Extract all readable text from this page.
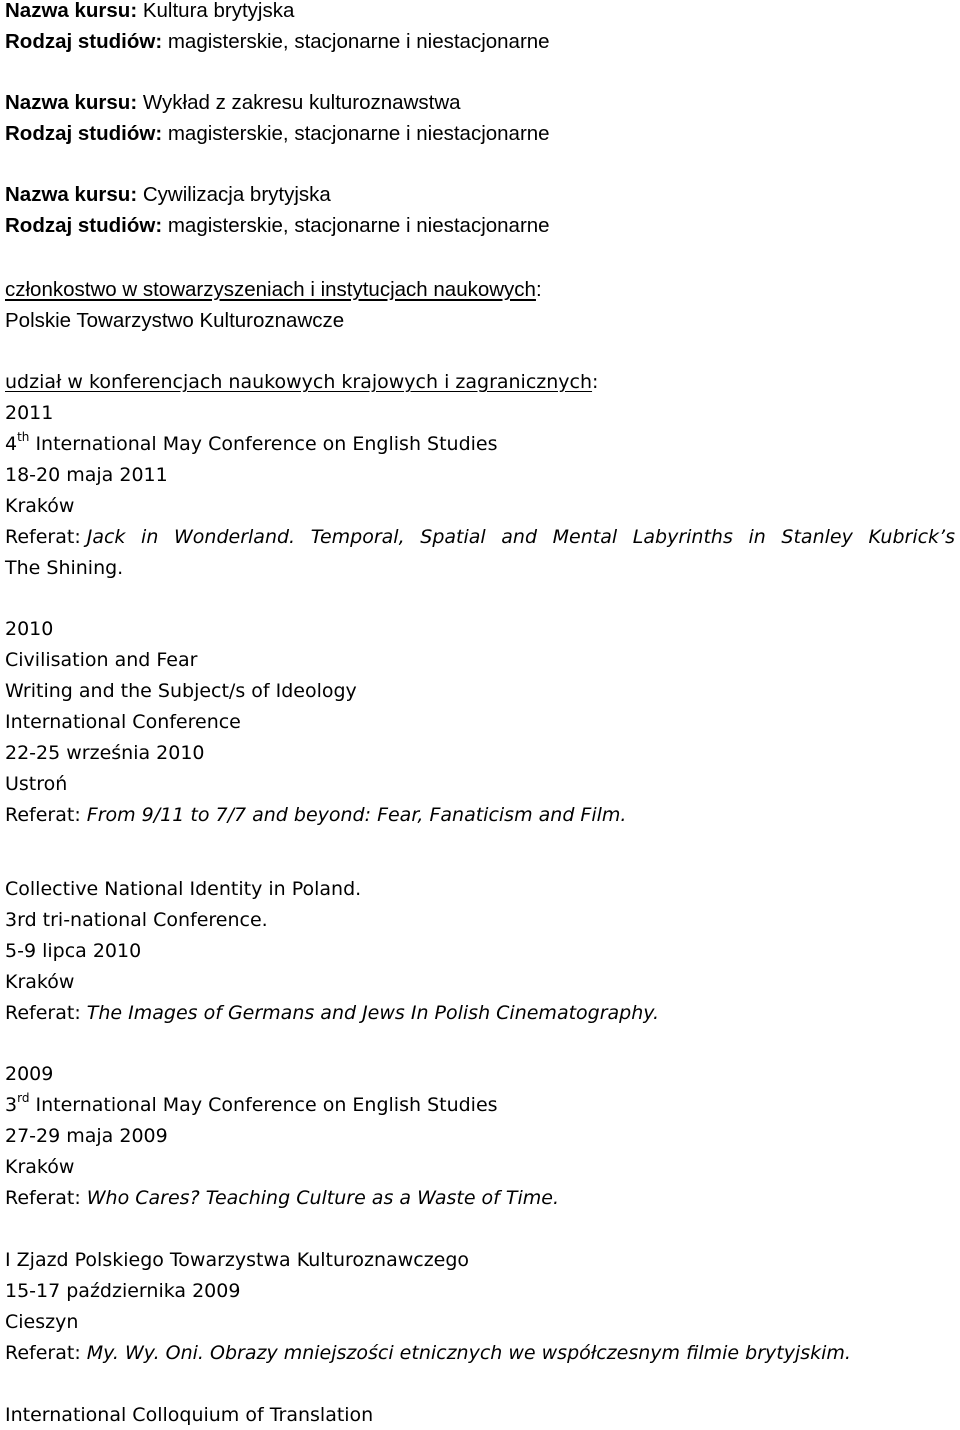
Nazwa kursu: Kultura brytyjska
Rodzaj studiów: magisterskie, stacjonarne i niestacjonarne
Nazwa kursu: Wykład z zakresu kulturoznawstwa
Rodzaj studiów: magisterskie, stacjonarne i niestacjonarne
Nazwa kursu: Cywilizacja brytyjska
Rodzaj studiów: magisterskie, stacjonarne i niestacjonarne
członkostwo w stowarzyszeniach i instytucjach naukowych:
Polskie Towarzystwo Kulturoznawcze
udział w konferencjach naukowych krajowych i zagranicznych:
2011
4th International May Conference on English Studies
18-20 maja 2011
Kraków
Referat: Jack in Wonderland. Temporal, Spatial and Mental Labyrinths in Stanley Kubrick’s
The Shining.
2010
Civilisation and Fear
Writing and the Subject/s of Ideology
International Conference
22-25 września 2010
Ustroń
Referat: From 9/11 to 7/7 and beyond: Fear, Fanaticism and Film.
Collective National Identity in Poland.
3rd tri-national Conference.
5-9 lipca 2010
Kraków
Referat: The Images of Germans and Jews In Polish Cinematography.
2009
3rd International May Conference on English Studies
27-29 maja 2009
Kraków
Referat: Who Cares? Teaching Culture as a Waste of Time.
I Zjazd Polskiego Towarzystwa Kulturoznawczego
15-17 października 2009
Cieszyn
Referat: My. Wy. Oni. Obrazy mniejszości etnicznych we współczesnym filmie brytyjskim.
International Colloquium of Translation
